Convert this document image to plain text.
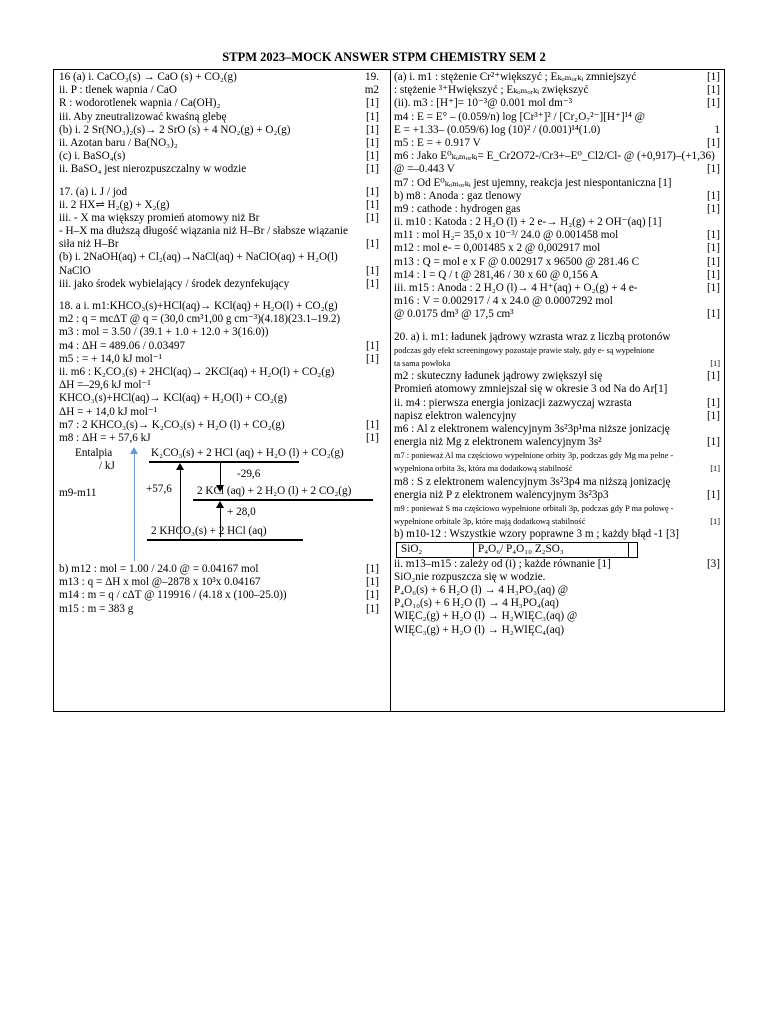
STPM 2023–MOCK ANSWER STPM CHEMISTRY SEM 2
16 (a) i. CaCO₃(s) → CaO (s) + CO₂(g)	19.
ii. P : tlenek wapnia / CaO	m2
R : wodorotlenek wapnia / Ca(OH)₂	[1]
iii. Aby zneutralizować kwaśną glebę	[1]
(b) i. 2 Sr(NO₃)₂(s)→ 2 SrO (s) + 4 NO₂(g) + O₂(g)	[1]
ii. Azotan baru / Ba(NO₃)₂	[1]
(c) i. BaSO₄(s)	[1]
ii. BaSO₄ jest nierozpuszczalny w wodzie	[1]
17. (a) i. J / jod	[1]
ii. 2 HX⇌ H₂(g) + X₂(g)	[1]
iii. - X ma większy promień atomowy niż Br	[1]
- H–X ma dłuższą długość wiązania niż H–Br / słabsze wiązanie
siła niż H–Br	[1]
(b) i. 2NaOH(aq) + Cl₂(aq)→NaCl(aq) + NaClO(aq) + H₂O(l)
NaClO	[1]
iii. jako środek wybielający / środek dezynfekujący	[1]
18. a i. m1:KHCO₃(s)+HCl(aq)→ KCl(aq) + H₂O(l) + CO₂(g)
m2 : q = mcΔT @ q = (30,0 cm³1,00 g cm⁻³)(4.18)(23.1–19.2)
m3 : mol = 3.50 / (39.1 + 1.0 + 12.0 + 3(16.0))
m4 : ΔH = 489.06 / 0.03497	[1]
m5 : = + 14,0 kJ mol⁻¹	[1]
ii. m6 : K₂CO₃(s) + 2HCl(aq)→ 2KCl(aq) + H₂O(l) + CO₂(g)
ΔH =–29,6 kJ mol⁻¹
KHCO₃(s)+HCl(aq)→ KCl(aq) + H₂O(l) + CO₂(g)
ΔH = + 14,0 kJ mol⁻¹
m7 : 2 KHCO₃(s)→ K₂CO₃(s) + H₂O (l) + CO₂(g)	[1]
m8 : ΔH = + 57,6 kJ	[1]
Entalpia
/ kJ
m9-m11
K₂CO₃(s) + 2 HCl (aq) + H₂O (l) + CO₂(g)
-29,6
+57,6 2 KCl (aq) + 2 H₂O (l) + 2 CO₂(g)
+ 28,0
2 KHCO₃(s) + 2 HCl (aq)
b) m12 : mol = 1.00 / 24.0 @ = 0.04167 mol	[1]
m13 : q = ΔH x mol @–2878 x 10³x 0.04167	[1]
m14 : m = q / cΔT @ 119916 / (4.18 x (100–25.0))	[1]
m15 : m = 383 g	[1]
(a) i. m1 : stężenie Cr²⁺większyć ; Eₖₒₘₒᵣₖᵢ zmniejszyć	[1]
: stężenie ³⁺Hwiększyć ; Eₖₒₘₒᵣₖᵢ zwiększyć	[1]
(ii). m3 : [H⁺]= 10⁻³@ 0.001 mol dm⁻³	[1]
m4 : E = E° – (0.059/n) log [Cr³⁺]² / [Cr₂O₇²⁻][H⁺]¹⁴ @
E = +1.33– (0.059/6) log (10)² / (0.001)¹⁴(1.0)	1
m5 : E = + 0.917 V	[1]
m6 : Jako E⁰ₖₒₘₒᵣₖᵢ= E_Cr2O72-/Cr3+–E⁰_Cl2/Cl- @ (+0,917)–(+1,36)
@ =–0.443 V	[1]
m7 : Od E⁰ₖₒₘₒᵣₖᵢ jest ujemny, reakcja jest niespontaniczna [1]
b) m8 : Anoda : gaz tlenowy	[1]
m9 : cathode : hydrogen gas	[1]
ii. m10 : Katoda : 2 H₂O (l) + 2 e-→ H₂(g) + 2 OH⁻(aq) [1]
m11 : mol H₂= 35,0 x 10⁻³/ 24.0 @ 0.001458 mol	[1]
m12 : mol e- = 0,001485 x 2 @ 0,002917 mol	[1]
m13 : Q = mol e x F @ 0.002917 x 96500 @ 281.46 C	[1]
m14 : I = Q / t @ 281,46 / 30 x 60 @ 0,156 A	[1]
iii. m15 : Anoda : 2 H₂O (l)→ 4 H⁺(aq) + O₂(g) + 4 e-	[1]
m16 : V = 0.002917 / 4 x 24.0 @ 0.0007292 mol
@ 0.0175 dm³ @ 17,5 cm³	[1]
20. a) i. m1: ładunek jądrowy wzrasta wraz z liczbą protonów
podczas gdy efekt screeningowy pozostaje prawie stały, gdy e- są wypełnione
ta sama powłoka	[1]
m2 : skuteczny ładunek jądrowy zwiększył się	[1]
Promień atomowy zmniejszał się w okresie 3 od Na do Ar[1]
ii. m4 : pierwsza energia jonizacji zazwyczaj wzrasta	[1]
napisz elektron walencyjny	[1]
m6 : Al z elektronem walencyjnym 3s²3p¹ma niższe jonizację
energia niż Mg z elektronem walencyjnym 3s²	[1]
m7 : ponieważ Al ma częściowo wypełnione orbity 3p, podczas gdy Mg ma pełne -
wypełniona orbita 3s, która ma dodatkową stabilność	[1]
m8 : S z elektronem walencyjnym 3s²3p4 ma niższą jonizację
energia niż P z elektronem walencyjnym 3s²3p3	[1]
m9 : ponieważ S ma częściowo wypełnione orbitali 3p, podczas gdy P ma połowę -
wypełnione orbitale 3p, które mają dodatkową stabilność	[1]
b) m10-12 : Wszystkie wzory poprawne 3 m ; każdy błąd -1 [3]
SiO₂	P₄O₆/ P₄O₁₀ Z₂SO₃
ii. m13–m15 : zależy od (i) ; każde równanie [1]	[3]
SiO₂nie rozpuszcza się w wodzie.
P₄O₆(s) + 6 H₂O (l) → 4 H₃PO₃(aq) @
P₄O₁₀(s) + 6 H₂O (l) → 4 H₃PO₄(aq)
WIĘC₂(g) + H₂O (l) → H₂WIĘC₃(aq) @
WIĘC₃(g) + H₂O (l) → H₂WIĘC₄(aq)
